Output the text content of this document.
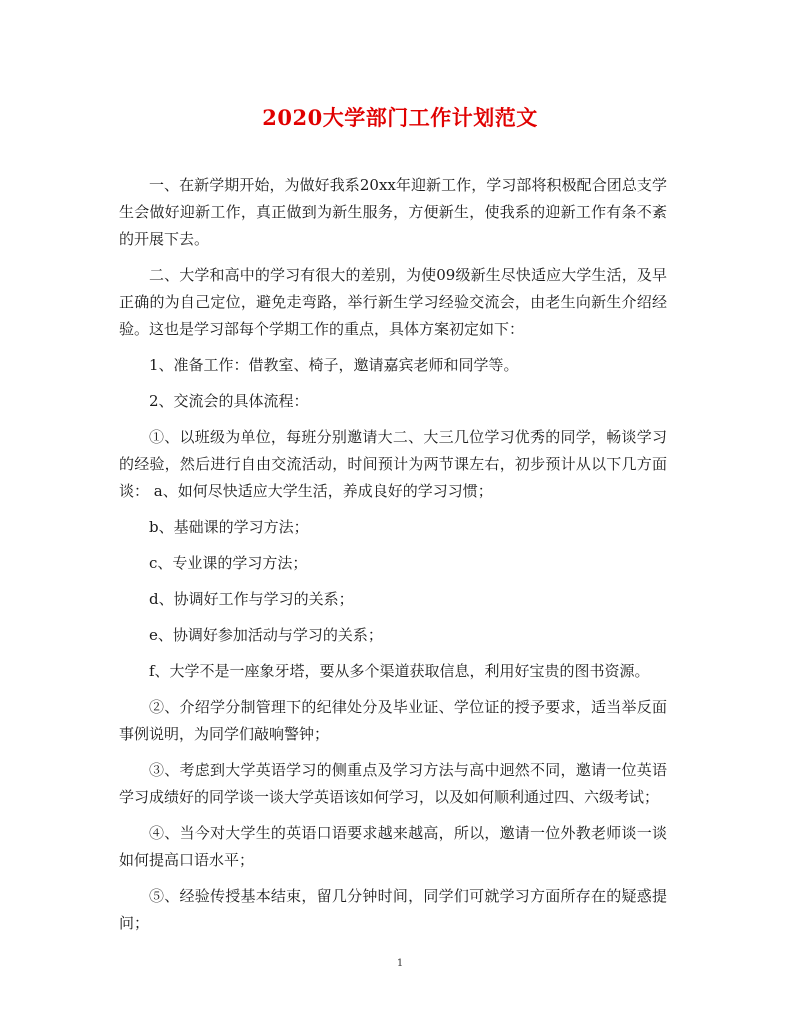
2020大学部门工作计划范文

一、在新学期开始，为做好我系20xx年迎新工作，学习部将积极配合团总支学生会做好迎新工作，真正做到为新生服务，方便新生，使我系的迎新工作有条不紊的开展下去。

二、大学和高中的学习有很大的差别，为使09级新生尽快适应大学生活，及早正确的为自己定位，避免走弯路，举行新生学习经验交流会，由老生向新生介绍经验。这也是学习部每个学期工作的重点，具体方案初定如下：

1、准备工作：借教室、椅子，邀请嘉宾老师和同学等。

2、交流会的具体流程：

①、以班级为单位，每班分别邀请大二、大三几位学习优秀的同学，畅谈学习的经验，然后进行自由交流活动，时间预计为两节课左右，初步预计从以下几方面谈： a、如何尽快适应大学生活，养成良好的学习习惯；

b、基础课的学习方法；

c、专业课的学习方法；

d、协调好工作与学习的关系；

e、协调好参加活动与学习的关系；

f、大学不是一座象牙塔，要从多个渠道获取信息，利用好宝贵的图书资源。

②、介绍学分制管理下的纪律处分及毕业证、学位证的授予要求，适当举反面事例说明，为同学们敲响警钟；

③、考虑到大学英语学习的侧重点及学习方法与高中迥然不同，邀请一位英语学习成绩好的同学谈一谈大学英语该如何学习，以及如何顺利通过四、六级考试；

④、当今对大学生的英语口语要求越来越高，所以，邀请一位外教老师谈一谈如何提高口语水平；

⑤、经验传授基本结束，留几分钟时间，同学们可就学习方面所存在的疑惑提问；

1
